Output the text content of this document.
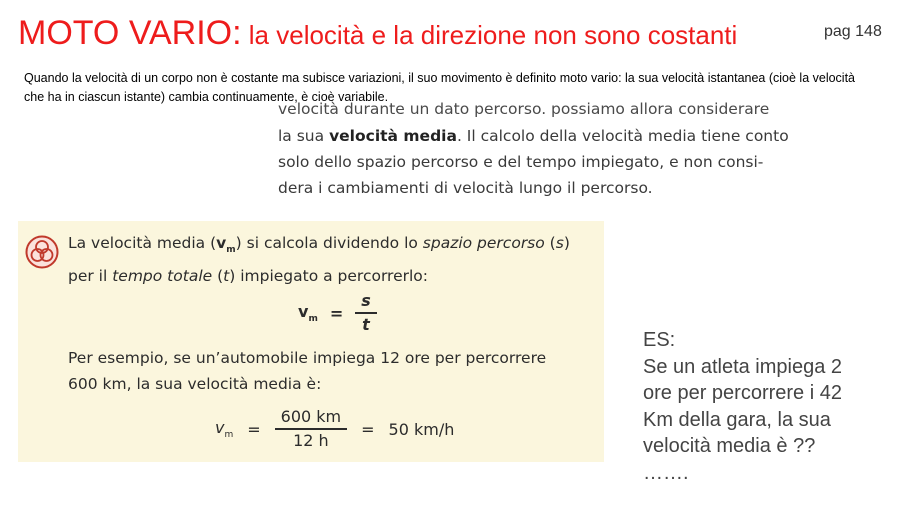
MOTO VARIO: la velocità e la direzione non sono costanti	pag 148
Quando la velocità di un corpo non è costante ma subisce variazioni, il suo movimento è definito moto vario: la sua velocità istantanea (cioè la velocità che ha in ciascun istante) cambia continuamente, è cioè variabile.
velocità durante un dato percorso. possiamo allora considerare
la sua velocità media. Il calcolo della velocità media tiene conto
solo dello spazio percorso e del tempo impiegato, e non consi-
dera i cambiamenti di velocità lungo il percorso.
La velocità media $(v_m)$ si calcola dividendo lo spazio percorso (s)
per il tempo totale (t) impiegato a percorrerlo:
$v_m = \frac{s}{t}$
Per esempio, se un’automobile impiega 12 ore per percorrere
600 km, la sua velocità media è:
$v_m = \frac{600 km}{12 h} = 50$ km/h
ES:
Se un atleta impiega 2
ore per percorrere i 42
Km della gara, la sua
velocità media è ??
…….
